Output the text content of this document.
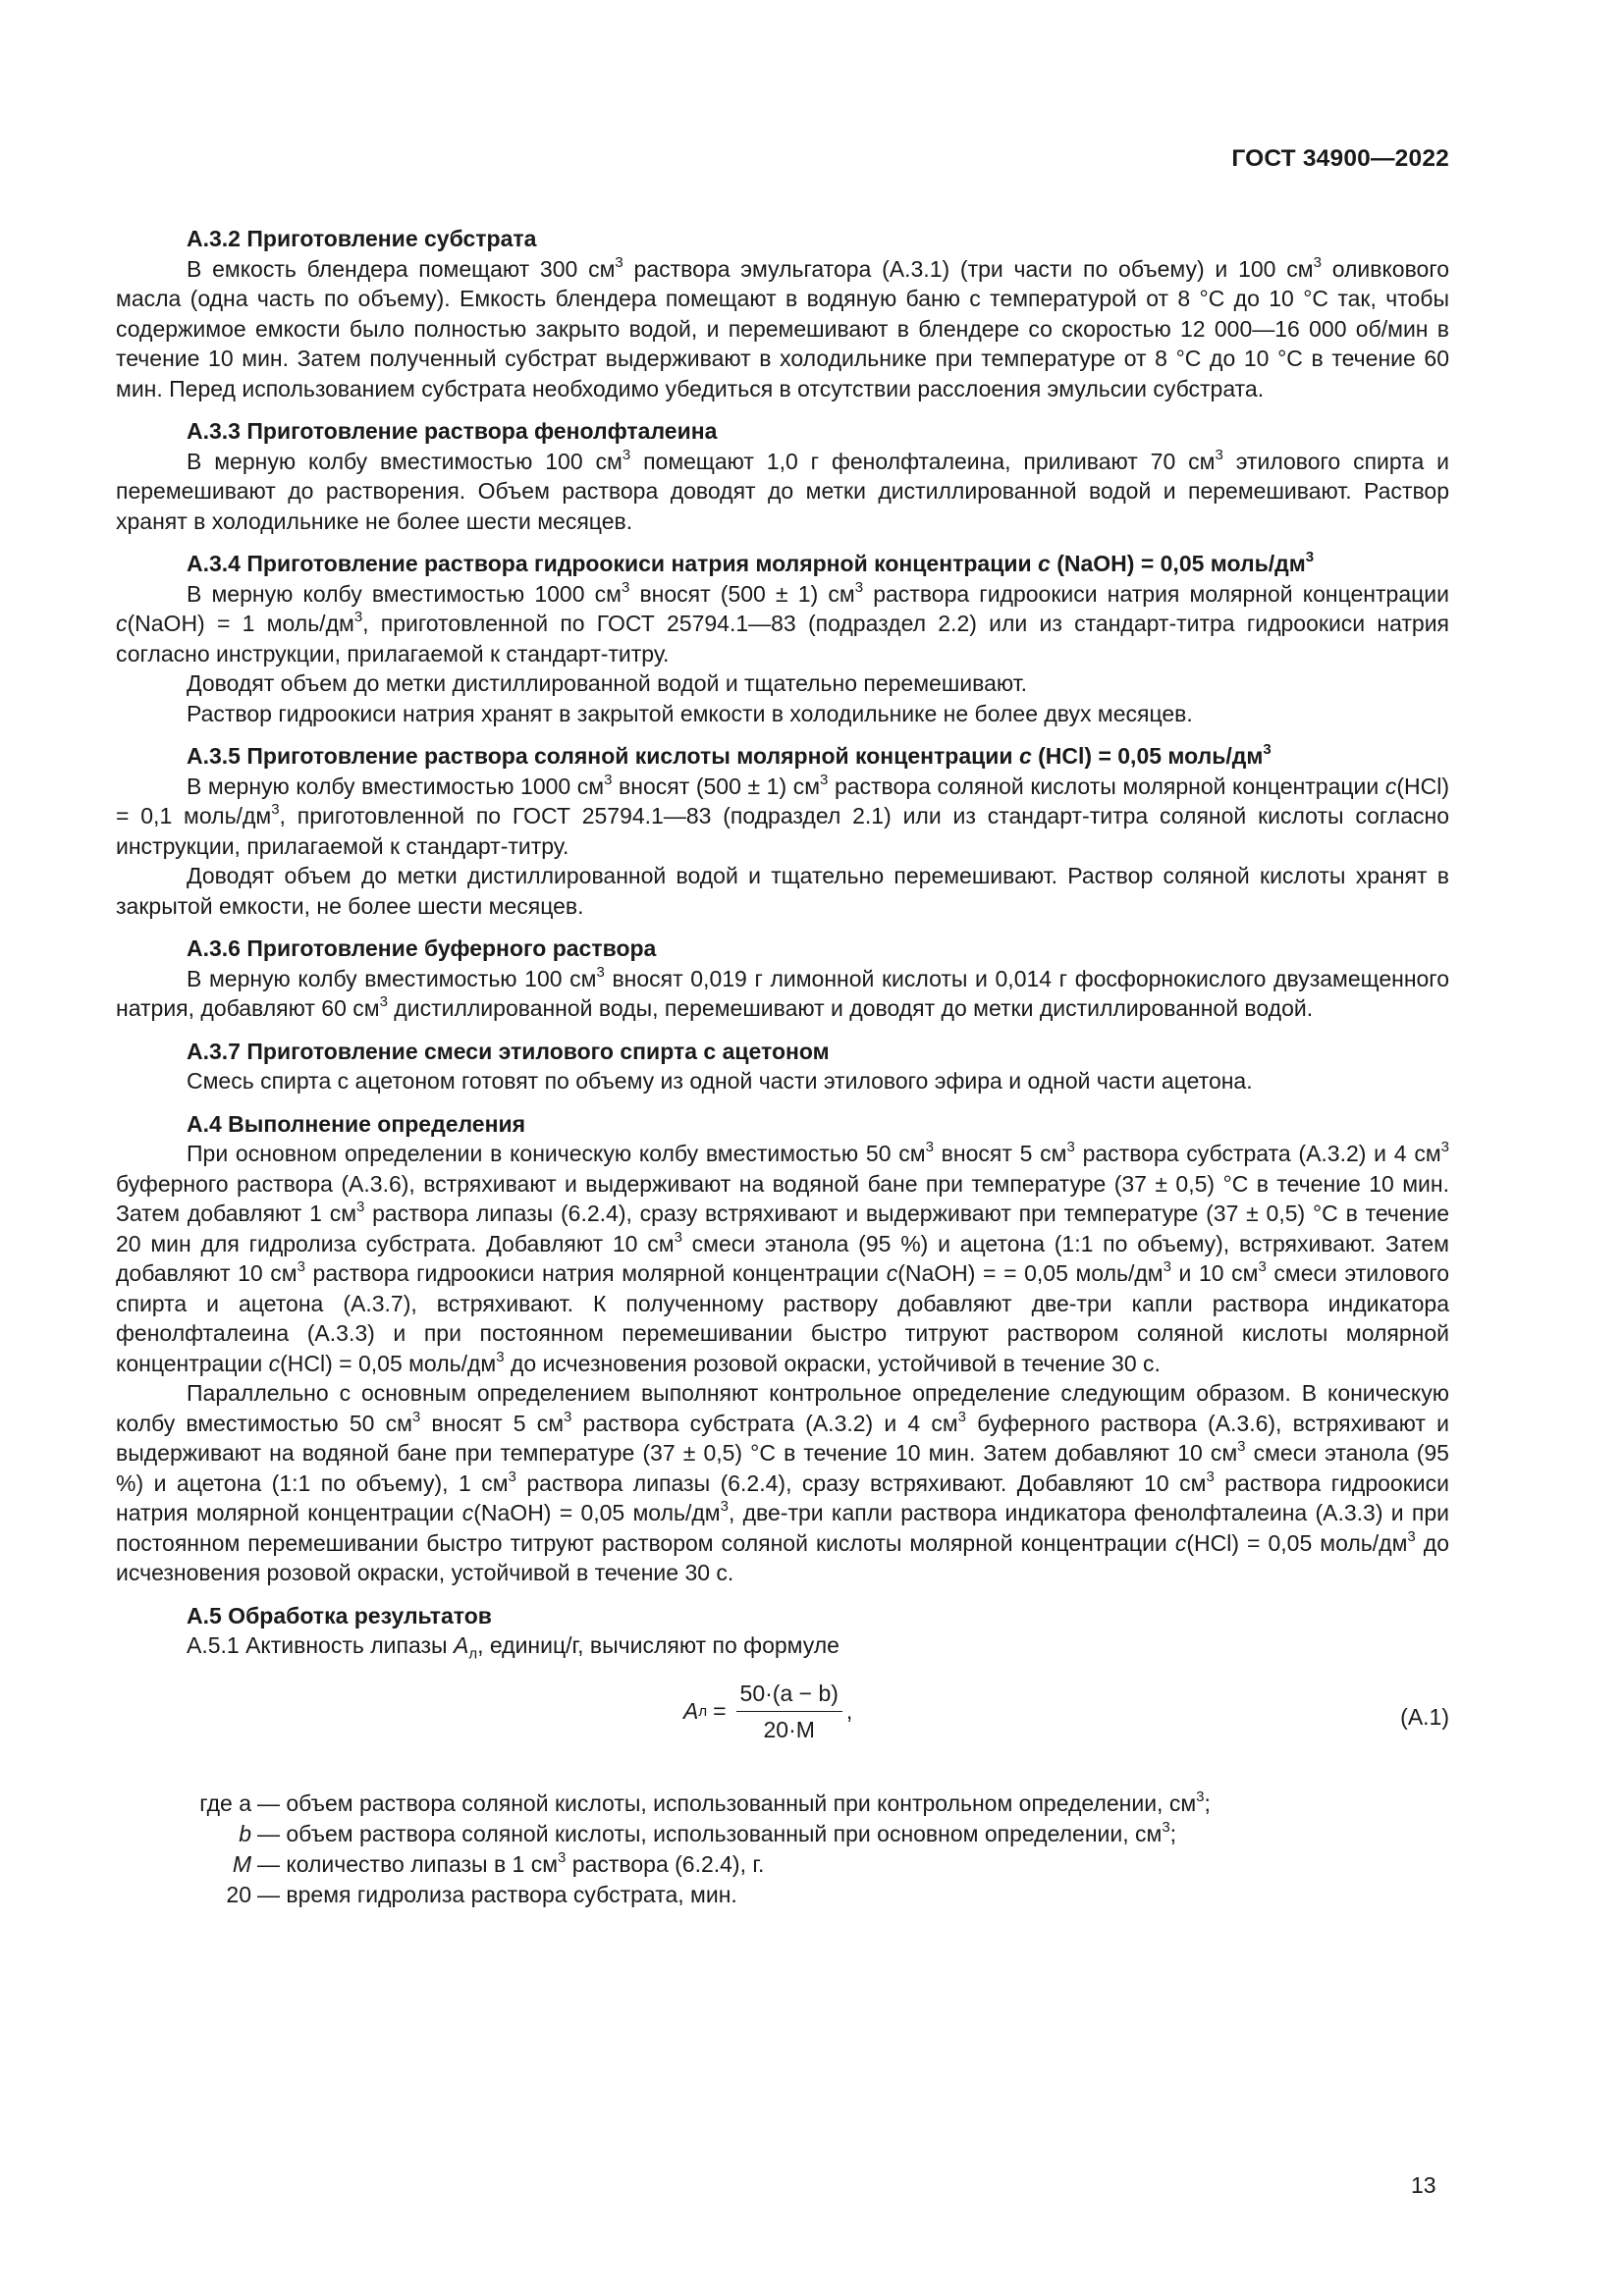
ГОСТ 34900—2022

А.3.2 Приготовление субстрата

В емкость блендера помещают 300 $см^3$ раствора эмульгатора (А.3.1) (три части по объему) и 100 $см^3$ оливкового масла (одна часть по объему). Емкость блендера помещают в водяную баню с температурой от 8 °С до 10 °С так, чтобы содержимое емкости было полностью закрыто водой, и перемешивают в блендере со скоростью 12 000—16 000 об/мин в течение 10 мин. Затем полученный субстрат выдерживают в холодильнике при температуре от 8 °С до 10 °С в течение 60 мин. Перед использованием субстрата необходимо убедиться в отсутствии расслоения эмульсии субстрата.

А.3.3 Приготовление раствора фенолфталеина

В мерную колбу вместимостью 100 $см^3$ помещают 1,0 г фенолфталеина, приливают 70 $см^3$ этилового спирта и перемешивают до растворения. Объем раствора доводят до метки дистиллированной водой и перемешивают. Раствор хранят в холодильнике не более шести месяцев.

А.3.4 Приготовление раствора гидроокиси натрия молярной концентрации с (NaOH) = 0,05 моль/$дм^3$

В мерную колбу вместимостью 1000 $см^3$ вносят (500 ± 1) $см^3$ раствора гидроокиси натрия молярной концентрации с(NaOH) = 1 моль/$дм^3$, приготовленной по ГОСТ 25794.1—83 (подраздел 2.2) или из стандарт-титра гидроокиси натрия согласно инструкции, прилагаемой к стандарт-титру.

Доводят объем до метки дистиллированной водой и тщательно перемешивают.

Раствор гидроокиси натрия хранят в закрытой емкости в холодильнике не более двух месяцев.

А.3.5 Приготовление раствора соляной кислоты молярной концентрации с (HCl) = 0,05 моль/$дм^3$

В мерную колбу вместимостью 1000 $см^3$ вносят (500 ± 1) $см^3$ раствора соляной кислоты молярной концентрации с(HCl) = 0,1 моль/$дм^3$, приготовленной по ГОСТ 25794.1—83 (подраздел 2.1) или из стандарт-титра соляной кислоты согласно инструкции, прилагаемой к стандарт-титру.

Доводят объем до метки дистиллированной водой и тщательно перемешивают. Раствор соляной кислоты хранят в закрытой емкости, не более шести месяцев.

А.3.6 Приготовление буферного раствора

В мерную колбу вместимостью 100 $см^3$ вносят 0,019 г лимонной кислоты и 0,014 г фосфорнокислого двузамещенного натрия, добавляют 60 $см^3$ дистиллированной воды, перемешивают и доводят до метки дистиллированной водой.

А.3.7 Приготовление смеси этилового спирта с ацетоном

Смесь спирта с ацетоном готовят по объему из одной части этилового эфира и одной части ацетона.

А.4 Выполнение определения

При основном определении в коническую колбу вместимостью 50 $см^3$ вносят 5 $см^3$ раствора субстрата (А.3.2) и 4 $см^3$ буферного раствора (А.3.6), встряхивают и выдерживают на водяной бане при температуре (37 ± 0,5) °С в течение 10 мин. Затем добавляют 1 $см^3$ раствора липазы (6.2.4), сразу встряхивают и выдерживают при температуре (37 ± 0,5) °С в течение 20 мин для гидролиза субстрата. Добавляют 10 $см^3$ смеси этанола (95 %) и ацетона (1:1 по объему), встряхивают. Затем добавляют 10 $см^3$ раствора гидроокиси натрия молярной концентрации с(NaOH) = = 0,05 моль/$дм^3$ и 10 $см^3$ смеси этилового спирта и ацетона (А.3.7), встряхивают. К полученному раствору добавляют две-три капли раствора индикатора фенолфталеина (А.3.3) и при постоянном перемешивании быстро титруют раствором соляной кислоты молярной концентрации с(HCl) = 0,05 моль/$дм^3$ до исчезновения розовой окраски, устойчивой в течение 30 с.

Параллельно с основным определением выполняют контрольное определение следующим образом. В коническую колбу вместимостью 50 $см^3$ вносят 5 $см^3$ раствора субстрата (А.3.2) и 4 $см^3$ буферного раствора (А.3.6), встряхивают и выдерживают на водяной бане при температуре (37 ± 0,5) °С в течение 10 мин. Затем добавляют 10 $см^3$ смеси этанола (95 %) и ацетона (1:1 по объему), 1 $см^3$ раствора липазы (6.2.4), сразу встряхивают. Добавляют 10 $см^3$ раствора гидроокиси натрия молярной концентрации с(NaOH) = 0,05 моль/$дм^3$, две-три капли раствора индикатора фенолфталеина (А.3.3) и при постоянном перемешивании быстро титруют раствором соляной кислоты молярной концентрации с(HCl) = 0,05 моль/$дм^3$ до исчезновения розовой окраски, устойчивой в течение 30 с.

А.5 Обработка результатов

А.5.1 Активность липазы $А_л$, единиц/г, вычисляют по формуле

А $л = \frac{50\cdot(a - b)}{20\cdot M}$ ,	(А.1)
где a — объем раствора соляной кислоты, использованный при контрольном определении, $см^3$;
b — объем раствора соляной кислоты, использованный при основном определении, $см^3$;
M — количество липазы в 1 $см^3$ раствора (6.2.4), г.
20 — время гидролиза раствора субстрата, мин.
13
